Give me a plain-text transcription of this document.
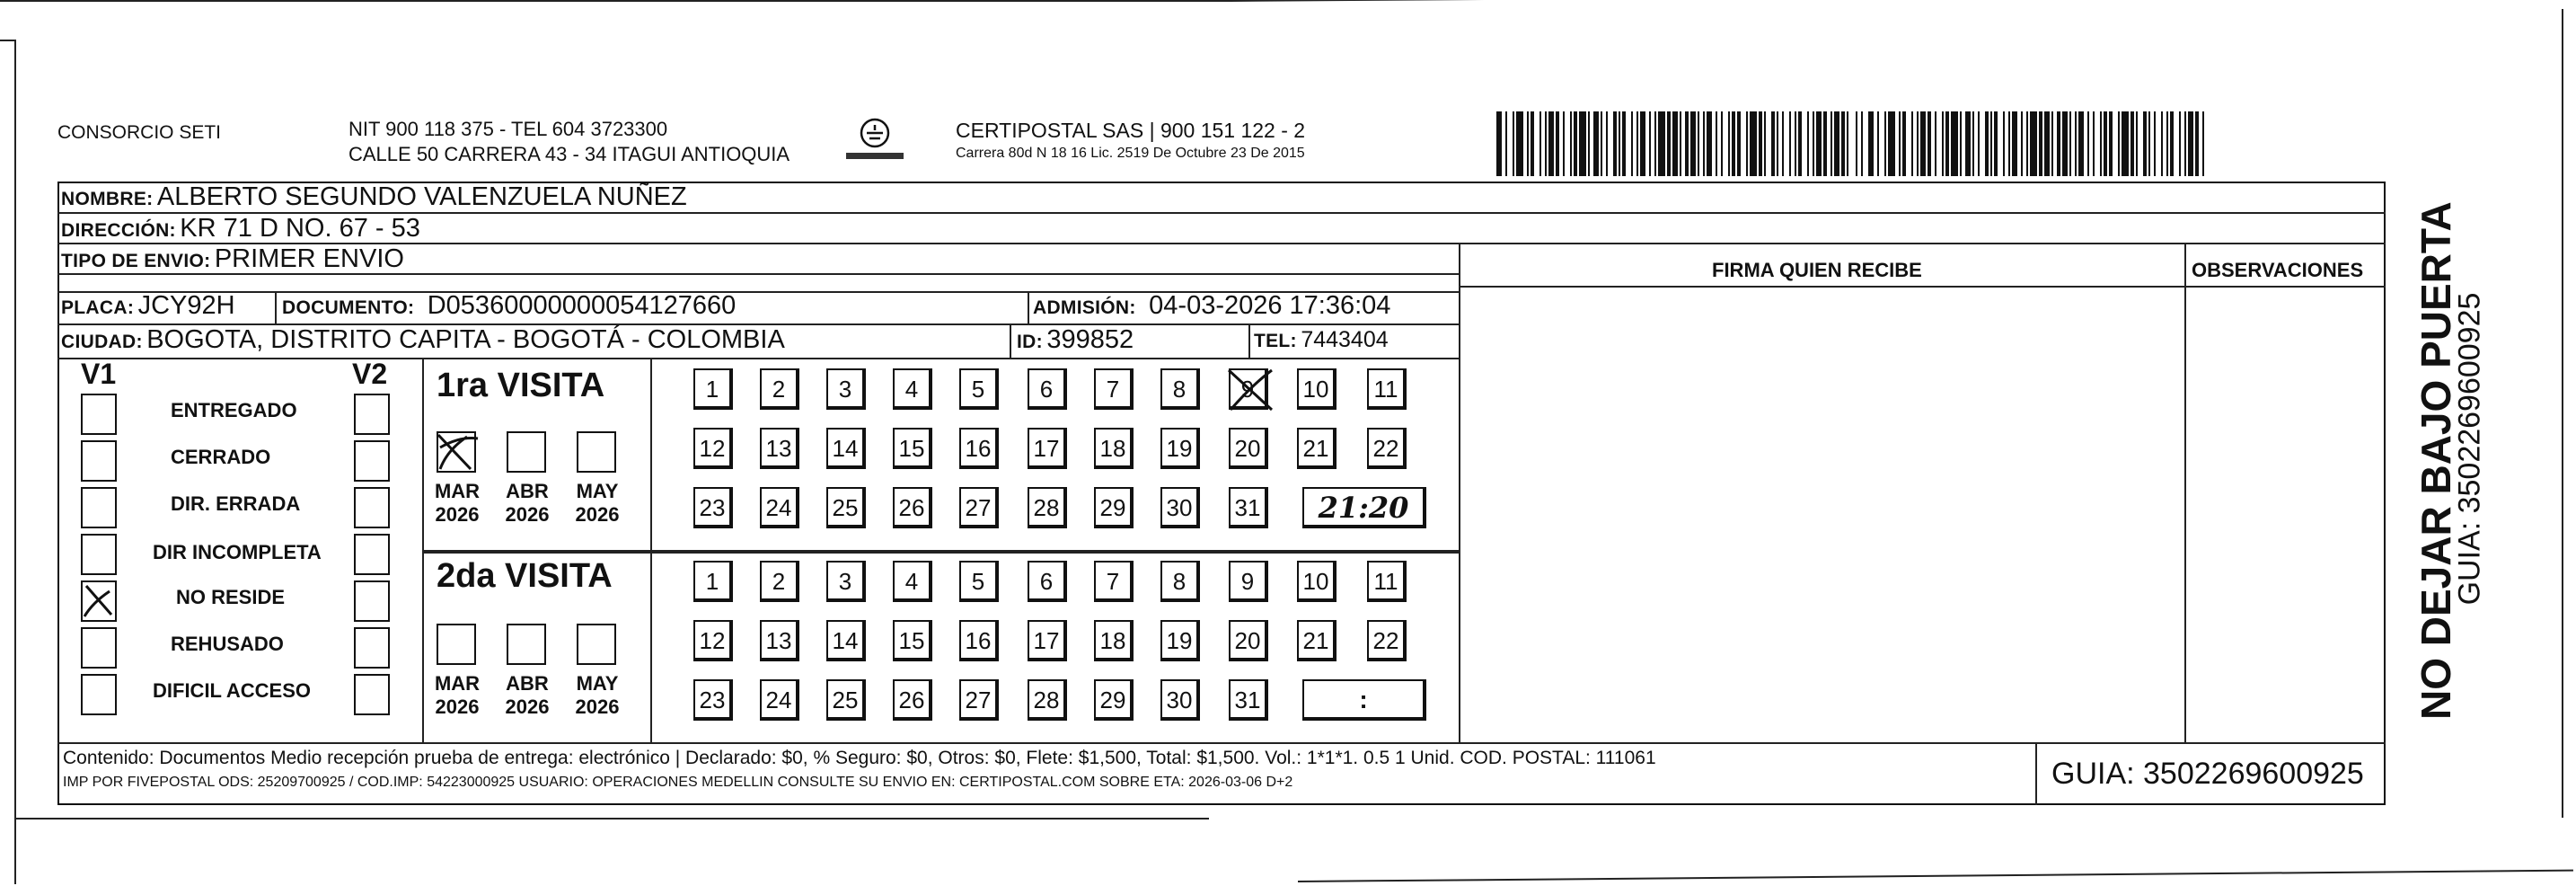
CONSORCIO SETI	NIT 900 118 375 - TEL 604 3723300
CALLE 50 CARRERA 43 - 34 ITAGUI ANTIOQUIA
CERTIPOSTAL SAS | 900 151 122 - 2
Carrera 80d N 18 16 Lic. 2519 De Octubre 23 De 2015
NOMBRE: ALBERTO SEGUNDO VALENZUELA NUÑEZ
DIRECCIÓN: KR 71 D NO. 67 - 53
TIPO DE ENVIO: PRIMER ENVIO	FIRMA QUIEN RECIBE	OBSERVACIONES
PLACA: JCY92H DOCUMENTO: D05360000000054127660	ADMISIÓN: 04-03-2026 17:36:04
CIUDAD: BOGOTA, DISTRITO CAPITA - BOGOTÁ - COLOMBIA	ID: 399852	TEL: 7443404
V1	V2
ENTREGADO
CERRADO
DIR. ERRADA
DIR INCOMPLETA
NO RESIDE
REHUSADO
DIFICIL ACCESO
1ra VISITA
2da VISITA
MAR
2026
ABR
2026
MAY
2026
1	2	3	4	5	6	7	8	9	10	11
12	13	14	15	16	17	18	19	20	21	22
23	24	25	26	27	28	29	30	31	21:20
MAR
2026
ABR
2026
MAY
2026
1	2	3	4	5	6	7	8	9	10	11
12	13	14	15	16	17	18	19	20	21	22
23	24	25	26	27	28	29	30	31	:
Contenido: Documentos Medio recepción prueba de entrega: electrónico | Declarado: $0, % Seguro: $0, Otros: $0, Flete: $1,500, Total: $1,500. Vol.: 1*1*1. 0.5 1 Unid. COD. POSTAL: 111061
IMP POR FIVEPOSTAL ODS: 25209700925 / COD.IMP: 54223000925 USUARIO: OPERACIONES MEDELLIN CONSULTE SU ENVIO EN: CERTIPOSTAL.COM SOBRE ETA: 2026-03-06 D+2	GUIA: 3502269600925
NO DEJAR BAJO PUERTA
GUIA: 3502269600925
